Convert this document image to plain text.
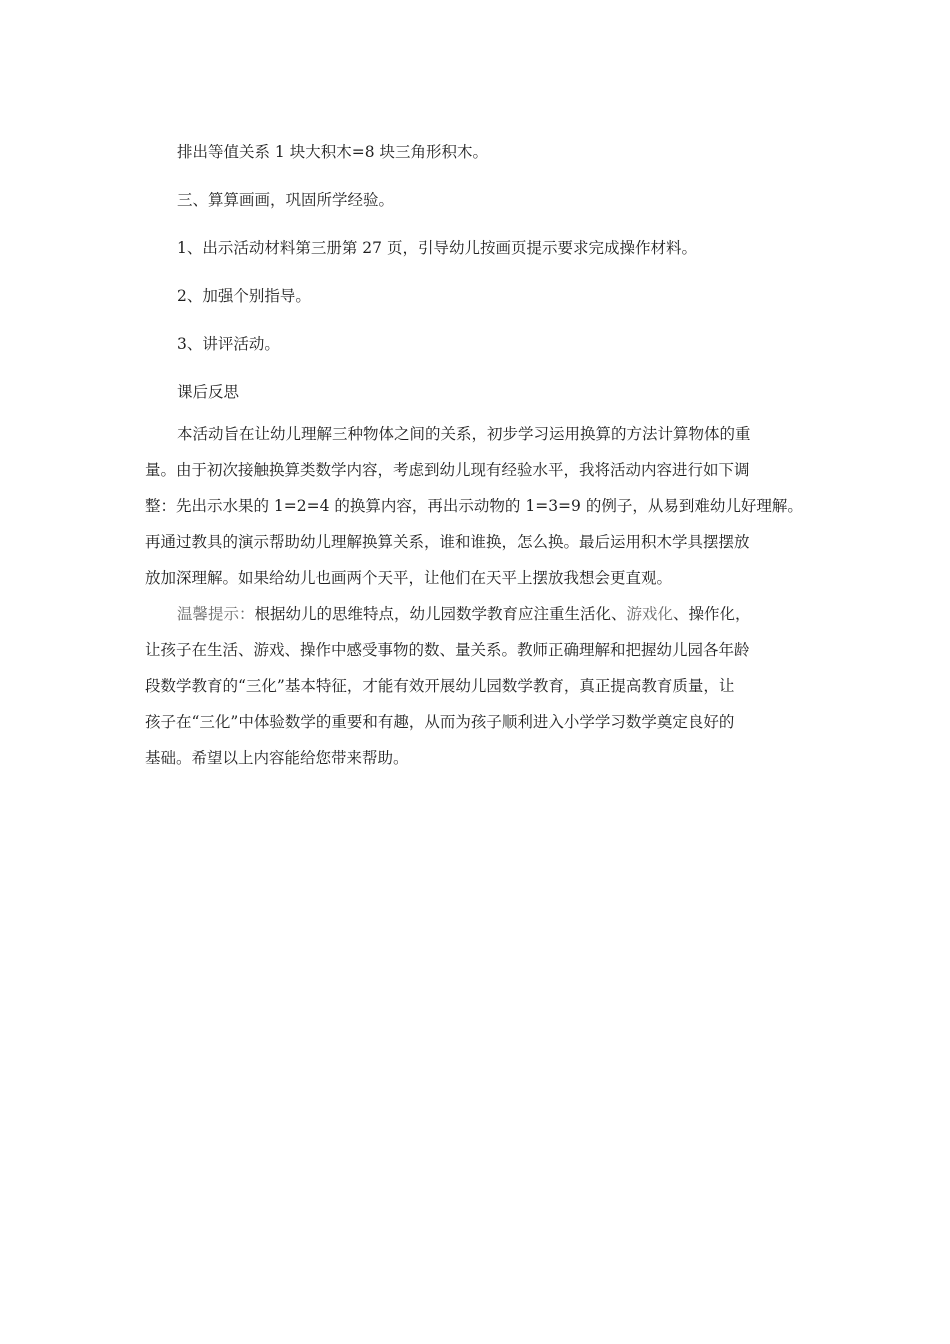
排出等值关系 1 块大积木=8 块三角形积木。

三、算算画画，巩固所学经验。

1、出示活动材料第三册第 27 页，引导幼儿按画页提示要求完成操作材料。

2、加强个别指导。

3、讲评活动。

课后反思

本活动旨在让幼儿理解三种物体之间的关系，初步学习运用换算的方法计算物体的重
量。由于初次接触换算类数学内容，考虑到幼儿现有经验水平，我将活动内容进行如下调
整：先出示水果的 1=2=4 的换算内容，再出示动物的 1=3=9 的例子，从易到难幼儿好理解。
再通过教具的演示帮助幼儿理解换算关系，谁和谁换，怎么换。最后运用积木学具摆摆放
放加深理解。如果给幼儿也画两个天平，让他们在天平上摆放我想会更直观。
温馨提示：根据幼儿的思维特点，幼儿园数学教育应注重生活化、游戏化、操作化，
让孩子在生活、游戏、操作中感受事物的数、量关系。教师正确理解和把握幼儿园各年龄
段数学教育的“三化”基本特征，才能有效开展幼儿园数学教育，真正提高教育质量，让
孩子在“三化”中体验数学的重要和有趣，从而为孩子顺利进入小学学习数学奠定良好的
基础。希望以上内容能给您带来帮助。
